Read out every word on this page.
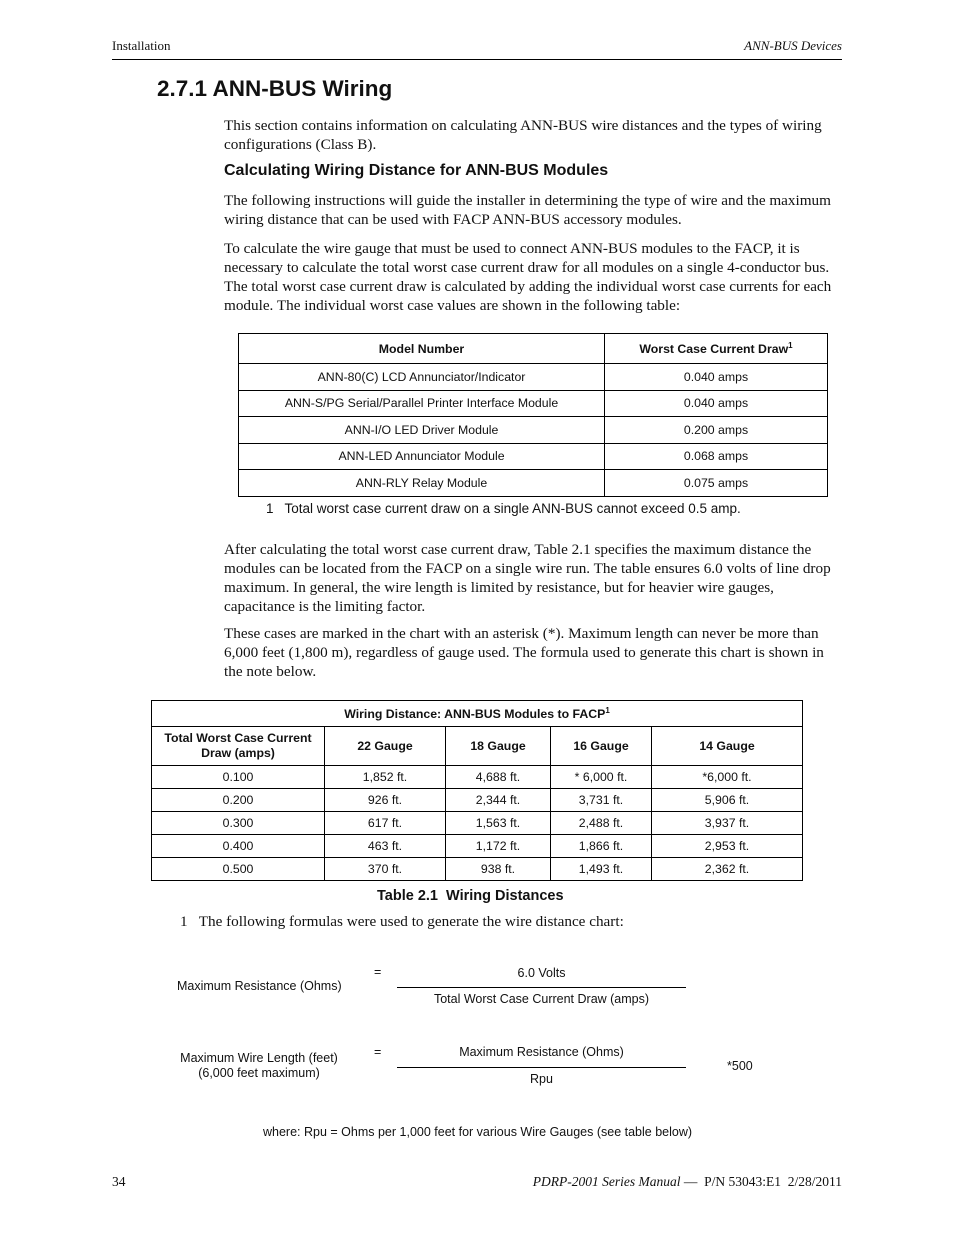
Installation	ANN-BUS Devices
2.7.1 ANN-BUS Wiring

This section contains information on calculating ANN-BUS wire distances and the types of wiring configurations (Class B).

Calculating Wiring Distance for ANN-BUS Modules

The following instructions will guide the installer in determining the type of wire and the maximum wiring distance that can be used with FACP ANN-BUS accessory modules.

To calculate the wire gauge that must be used to connect ANN-BUS modules to the FACP, it is necessary to calculate the total worst case current draw for all modules on a single 4-conductor bus. The total worst case current draw is calculated by adding the individual worst case currents for each module. The individual worst case values are shown in the following table:

Model Number	Worst Case Current Draw$^1$
ANN-80(C) LCD Annunciator/Indicator	0.040 amps
ANN-S/PG Serial/Parallel Printer Interface Module	0.040 amps
ANN-I/O LED Driver Module	0.200 amps
ANN-LED Annunciator Module	0.068 amps
ANN-RLY Relay Module	0.075 amps
1   Total worst case current draw on a single ANN-BUS cannot exceed 0.5 amp.

After calculating the total worst case current draw, Table 2.1 specifies the maximum distance the modules can be located from the FACP on a single wire run. The table ensures 6.0 volts of line drop maximum. In general, the wire length is limited by resistance, but for heavier wire gauges, capacitance is the limiting factor.

These cases are marked in the chart with an asterisk (*). Maximum length can never be more than 6,000 feet (1,800 m), regardless of gauge used. The formula used to generate this chart is shown in the note below.

Wiring Distance: ANN-BUS Modules to FACP$^1$
Total Worst Case Current Draw (amps)	22 Gauge	18 Gauge	16 Gauge	14 Gauge
0.100	1,852 ft.	4,688 ft.	* 6,000 ft.	*6,000 ft.
0.200	926 ft.	2,344 ft.	3,731 ft.	5,906 ft.
0.300	617 ft.	1,563 ft.	2,488 ft.	3,937 ft.
0.400	463 ft.	1,172 ft.	1,866 ft.	2,953 ft.
0.500	370 ft.	938 ft.	1,493 ft.	2,362 ft.
Table 2.1  Wiring Distances
1   The following formulas were used to generate the wire distance chart:
Maximum Resistance (Ohms)
=	6.0 Volts
Total Worst Case Current Draw (amps)
Maximum Wire Length (feet)
(6,000 feet maximum)
=	Maximum Resistance (Ohms)
Rpu
*500
where: Rpu = Ohms per 1,000 feet for various Wire Gauges (see table below)
34	PDRP-2001 Series Manual —  P/N 53043:E1  2/28/2011
